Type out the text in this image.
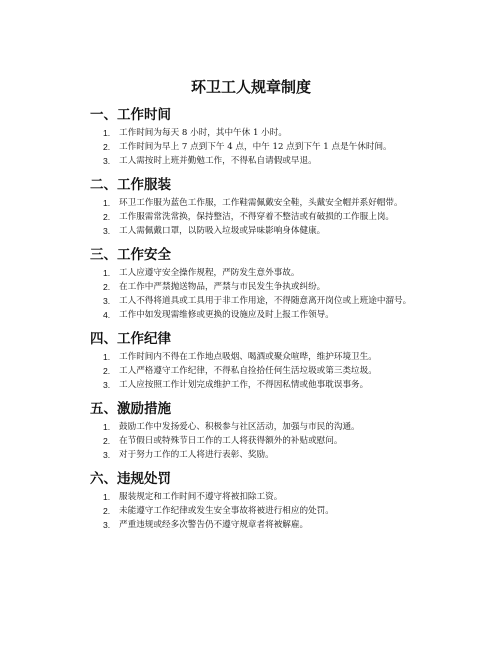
环卫工人规章制度
一、工作时间
1. 工作时间为每天 8 小时，其中午休 1 小时。
2. 工作时间为早上 7 点到下午 4 点，中午 12 点到下午 1 点是午休时间。
3. 工人需按时上班并勤勉工作，不得私自请假或早退。
二、工作服装
1. 环卫工作服为蓝色工作服，工作鞋需佩戴安全鞋，头戴安全帽并系好帽带。
2. 工作服需常洗常换，保持整洁，不得穿着不整洁或有破损的工作服上岗。
3. 工人需佩戴口罩，以防吸入垃圾或异味影响身体健康。
三、工作安全
1. 工人应遵守安全操作规程，严防发生意外事故。
2. 在工作中严禁抛送物品，严禁与市民发生争执或纠纷。
3. 工人不得将道具或工具用于非工作用途，不得随意离开岗位或上班途中溜号。
4. 工作中如发现需维修或更换的设施应及时上报工作领导。
四、工作纪律
1. 工作时间内不得在工作地点吸烟、喝酒或聚众喧哗，维护环境卫生。
2. 工人严格遵守工作纪律，不得私自捡拾任何生活垃圾或第三类垃圾。
3. 工人应按照工作计划完成维护工作，不得因私情或他事耽误事务。
五、激励措施
1. 鼓励工作中发扬爱心、积极参与社区活动，加强与市民的沟通。
2. 在节假日或特殊节日工作的工人将获得额外的补贴或慰问。
3. 对于努力工作的工人将进行表彰、奖励。
六、违规处罚
1. 服装规定和工作时间不遵守将被扣除工资。
2. 未能遵守工作纪律或发生安全事故将被进行相应的处罚。
3. 严重违规或经多次警告仍不遵守规章者将被解雇。
